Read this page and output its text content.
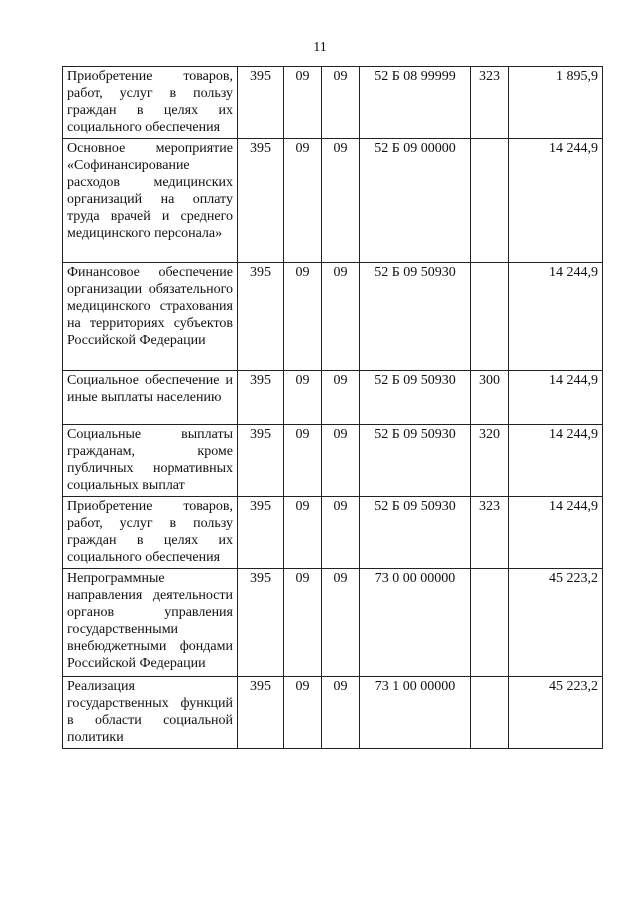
11
Приобретение товаров, работ, услуг в пользу граждан в целях их социального обеспечения	395	09	09	52 Б 08 99999	323	1 895,9
Основное мероприятие «Софинансирование расходов медицинских организаций на оплату труда врачей и среднего медицинского персонала»	395	09	09	52 Б 09 00000		14 244,9
Финансовое обеспечение организации обязательного медицинского страхования на территориях субъектов Российской Федерации	395	09	09	52 Б 09 50930		14 244,9
Социальное обеспечение и иные выплаты населению	395	09	09	52 Б 09 50930	300	14 244,9
Социальные выплаты гражданам, кроме публичных нормативных социальных выплат	395	09	09	52 Б 09 50930	320	14 244,9
Приобретение товаров, работ, услуг в пользу граждан в целях их социального обеспечения	395	09	09	52 Б 09 50930	323	14 244,9
Непрограммные направления деятельности органов управления государственными внебюджетными фондами Российской Федерации	395	09	09	73 0 00 00000		45 223,2
Реализация государственных функций в области социальной политики	395	09	09	73 1 00 00000		45 223,2
